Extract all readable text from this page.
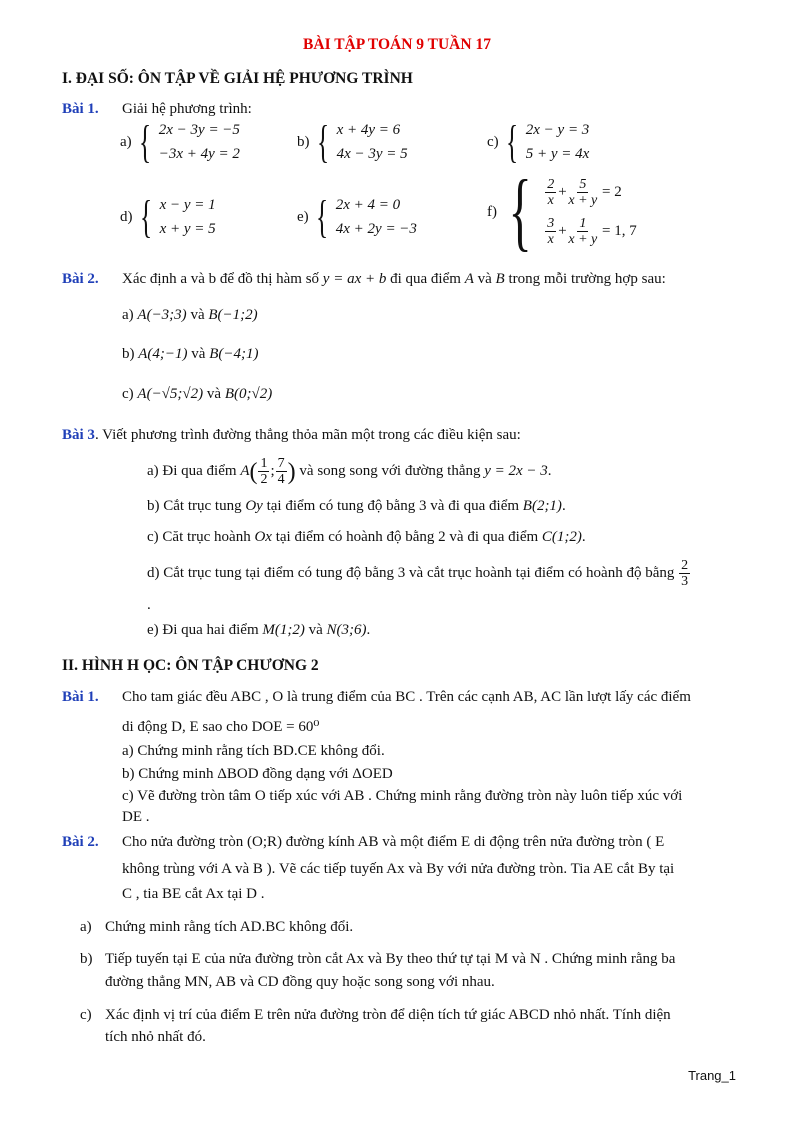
BÀI TẬP TOÁN 9 TUẦN 17
I. ĐẠI SỐ: ÔN TẬP VỀ GIẢI HỆ PHƯƠNG TRÌNH
Bài 1. Giải hệ phương trình:
a) { 2x − 3y = −5
−3x + 4y = 2
b) { x + 4y = 6
4x − 3y = 5
c) { 2x − y = 3
5 + y = 4x
d) { x − y = 1
x + y = 5
e) { 2x + 4 = 0
4x + 2y = −3
f) { $\frac{2}{x} + \frac{5}{x + y} = 2$
$\frac{3}{x} + \frac{1}{x + y} = 1$, 7
Bài 2. Xác định a và b để đồ thị hàm số y = ax + b đi qua điểm A và B trong mỗi trường hợp sau:
a) A(−3;3) và B(−1;2)
b) A(4;−1) và B(−4;1)
c) A(−√5;√2) và B(0;√2)
Bài 3. Viết phương trình đường thẳng thỏa mãn một trong các điều kiện sau:
a) Đi qua điểm
A ( $\frac{1}{2}$ ; $\frac{7}{4}$ )
và song song với đường thẳng
y = 2x − 3 .
b) Cắt trục tung Oy tại điểm có tung độ bằng 3 và đi qua điểm B(2;1).
c) Căt trục hoành Ox tại điểm có hoành độ bằng 2 và đi qua điểm C(1;2).
d) Cắt trục tung tại điểm có tung độ bằng 3 và cắt trục hoành tại điểm có hoành độ bằng
$\frac{2}{3}$
.
e) Đi qua hai điểm M(1;2) và N(3;6).
II. HÌNH H ỌC: ÔN TẬP CHƯƠNG 2
Bài 1. Cho tam giác đều ABC , O là trung điểm của BC . Trên các cạnh AB, AC lần lượt lấy các điểm
di động D, E sao cho DOE = 60⁰
a) Chứng minh rằng tích BD.CE không đổi.
b) Chứng minh ΔBOD đồng dạng với ΔOED
c) Vẽ đường tròn tâm O tiếp xúc với AB . Chứng minh rằng đường tròn này luôn tiếp xúc với
DE .
Bài 2. Cho nửa đường tròn (O;R) đường kính AB và một điểm E di động trên nửa đường tròn ( E
không trùng với A và B ). Vẽ các tiếp tuyến Ax và By với nửa đường tròn. Tia AE cắt By tại
C , tia BE cắt Ax tại D .
a) Chứng minh rằng tích AD.BC không đổi.
b) Tiếp tuyến tại E của nửa đường tròn cắt Ax và By theo thứ tự tại M và N . Chứng minh rằng ba
đường thẳng MN, AB và CD đồng quy hoặc song song với nhau.
c) Xác định vị trí của điểm E trên nửa đường tròn để diện tích tứ giác ABCD nhỏ nhất. Tính diện
tích nhỏ nhất đó.
Trang_1
